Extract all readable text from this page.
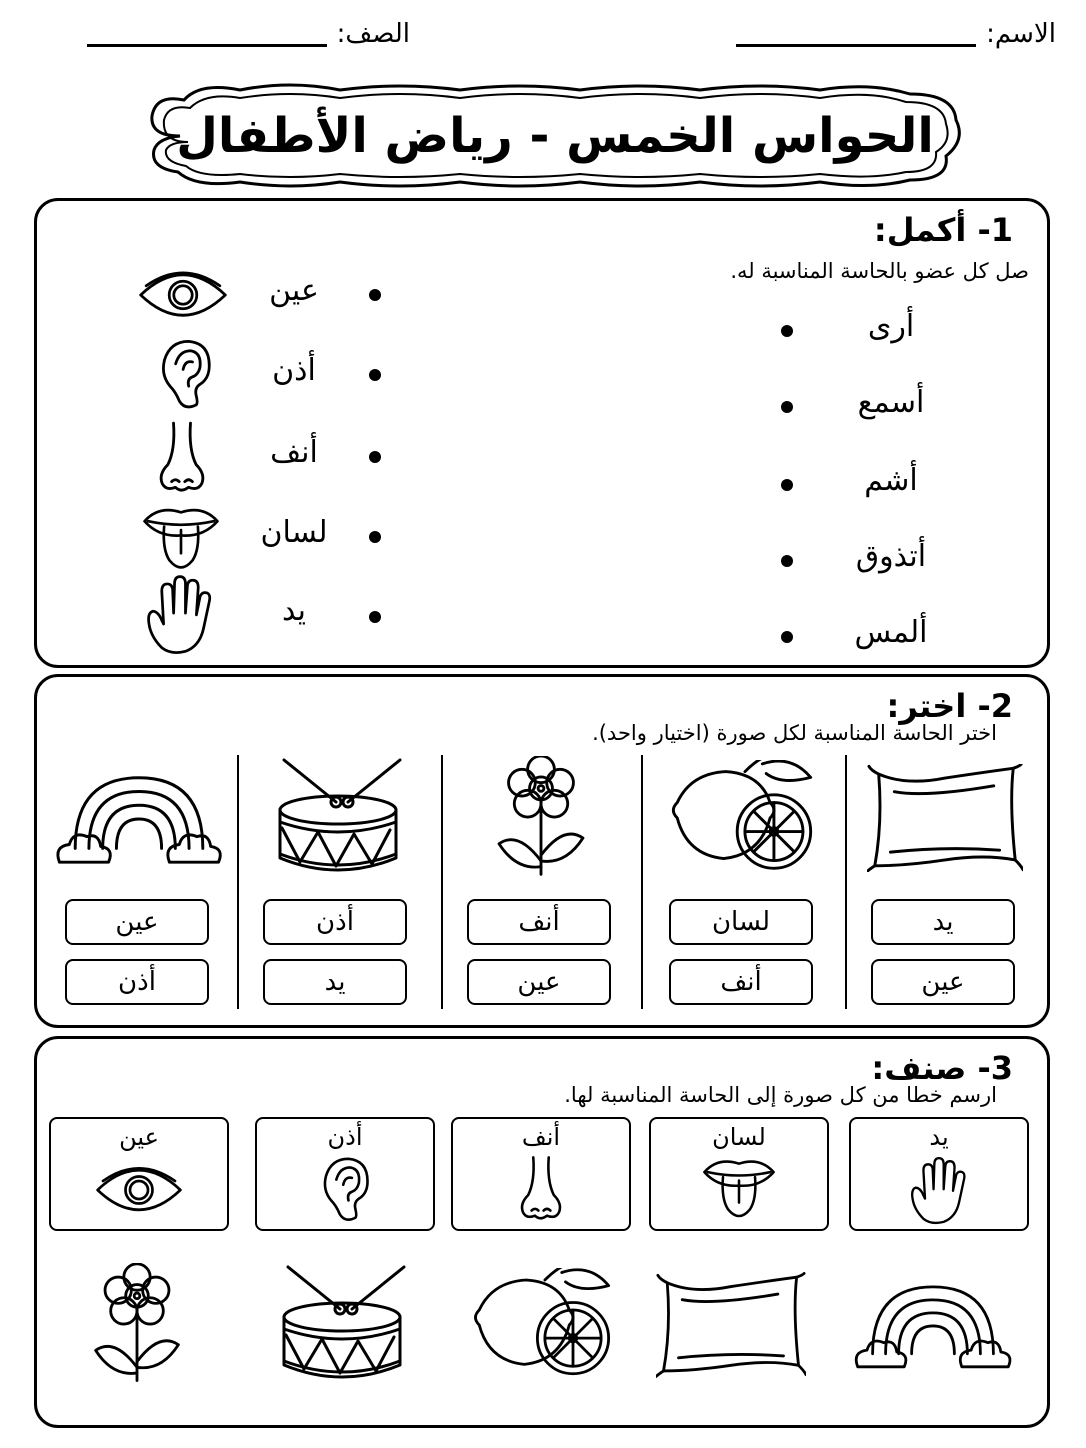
الاسم:
الصف:
الحواس الخمس - رياض الأطفال
1- أكمل:
صل كل عضو بالحاسة المناسبة له.
أرى
أسمع
أشم
أتذوق
ألمس
عين
أذن
أنف
لسان
يد
2- اختر:
اختر الحاسة المناسبة لكل صورة (اختيار واحد).
يد
عين
لسان
أنف
أنف
عين
أذن
يد
عين
أذن
3- صنف:
ارسم خطا من كل صورة إلى الحاسة المناسبة لها.
يد
لسان
أنف
أذن
عين
